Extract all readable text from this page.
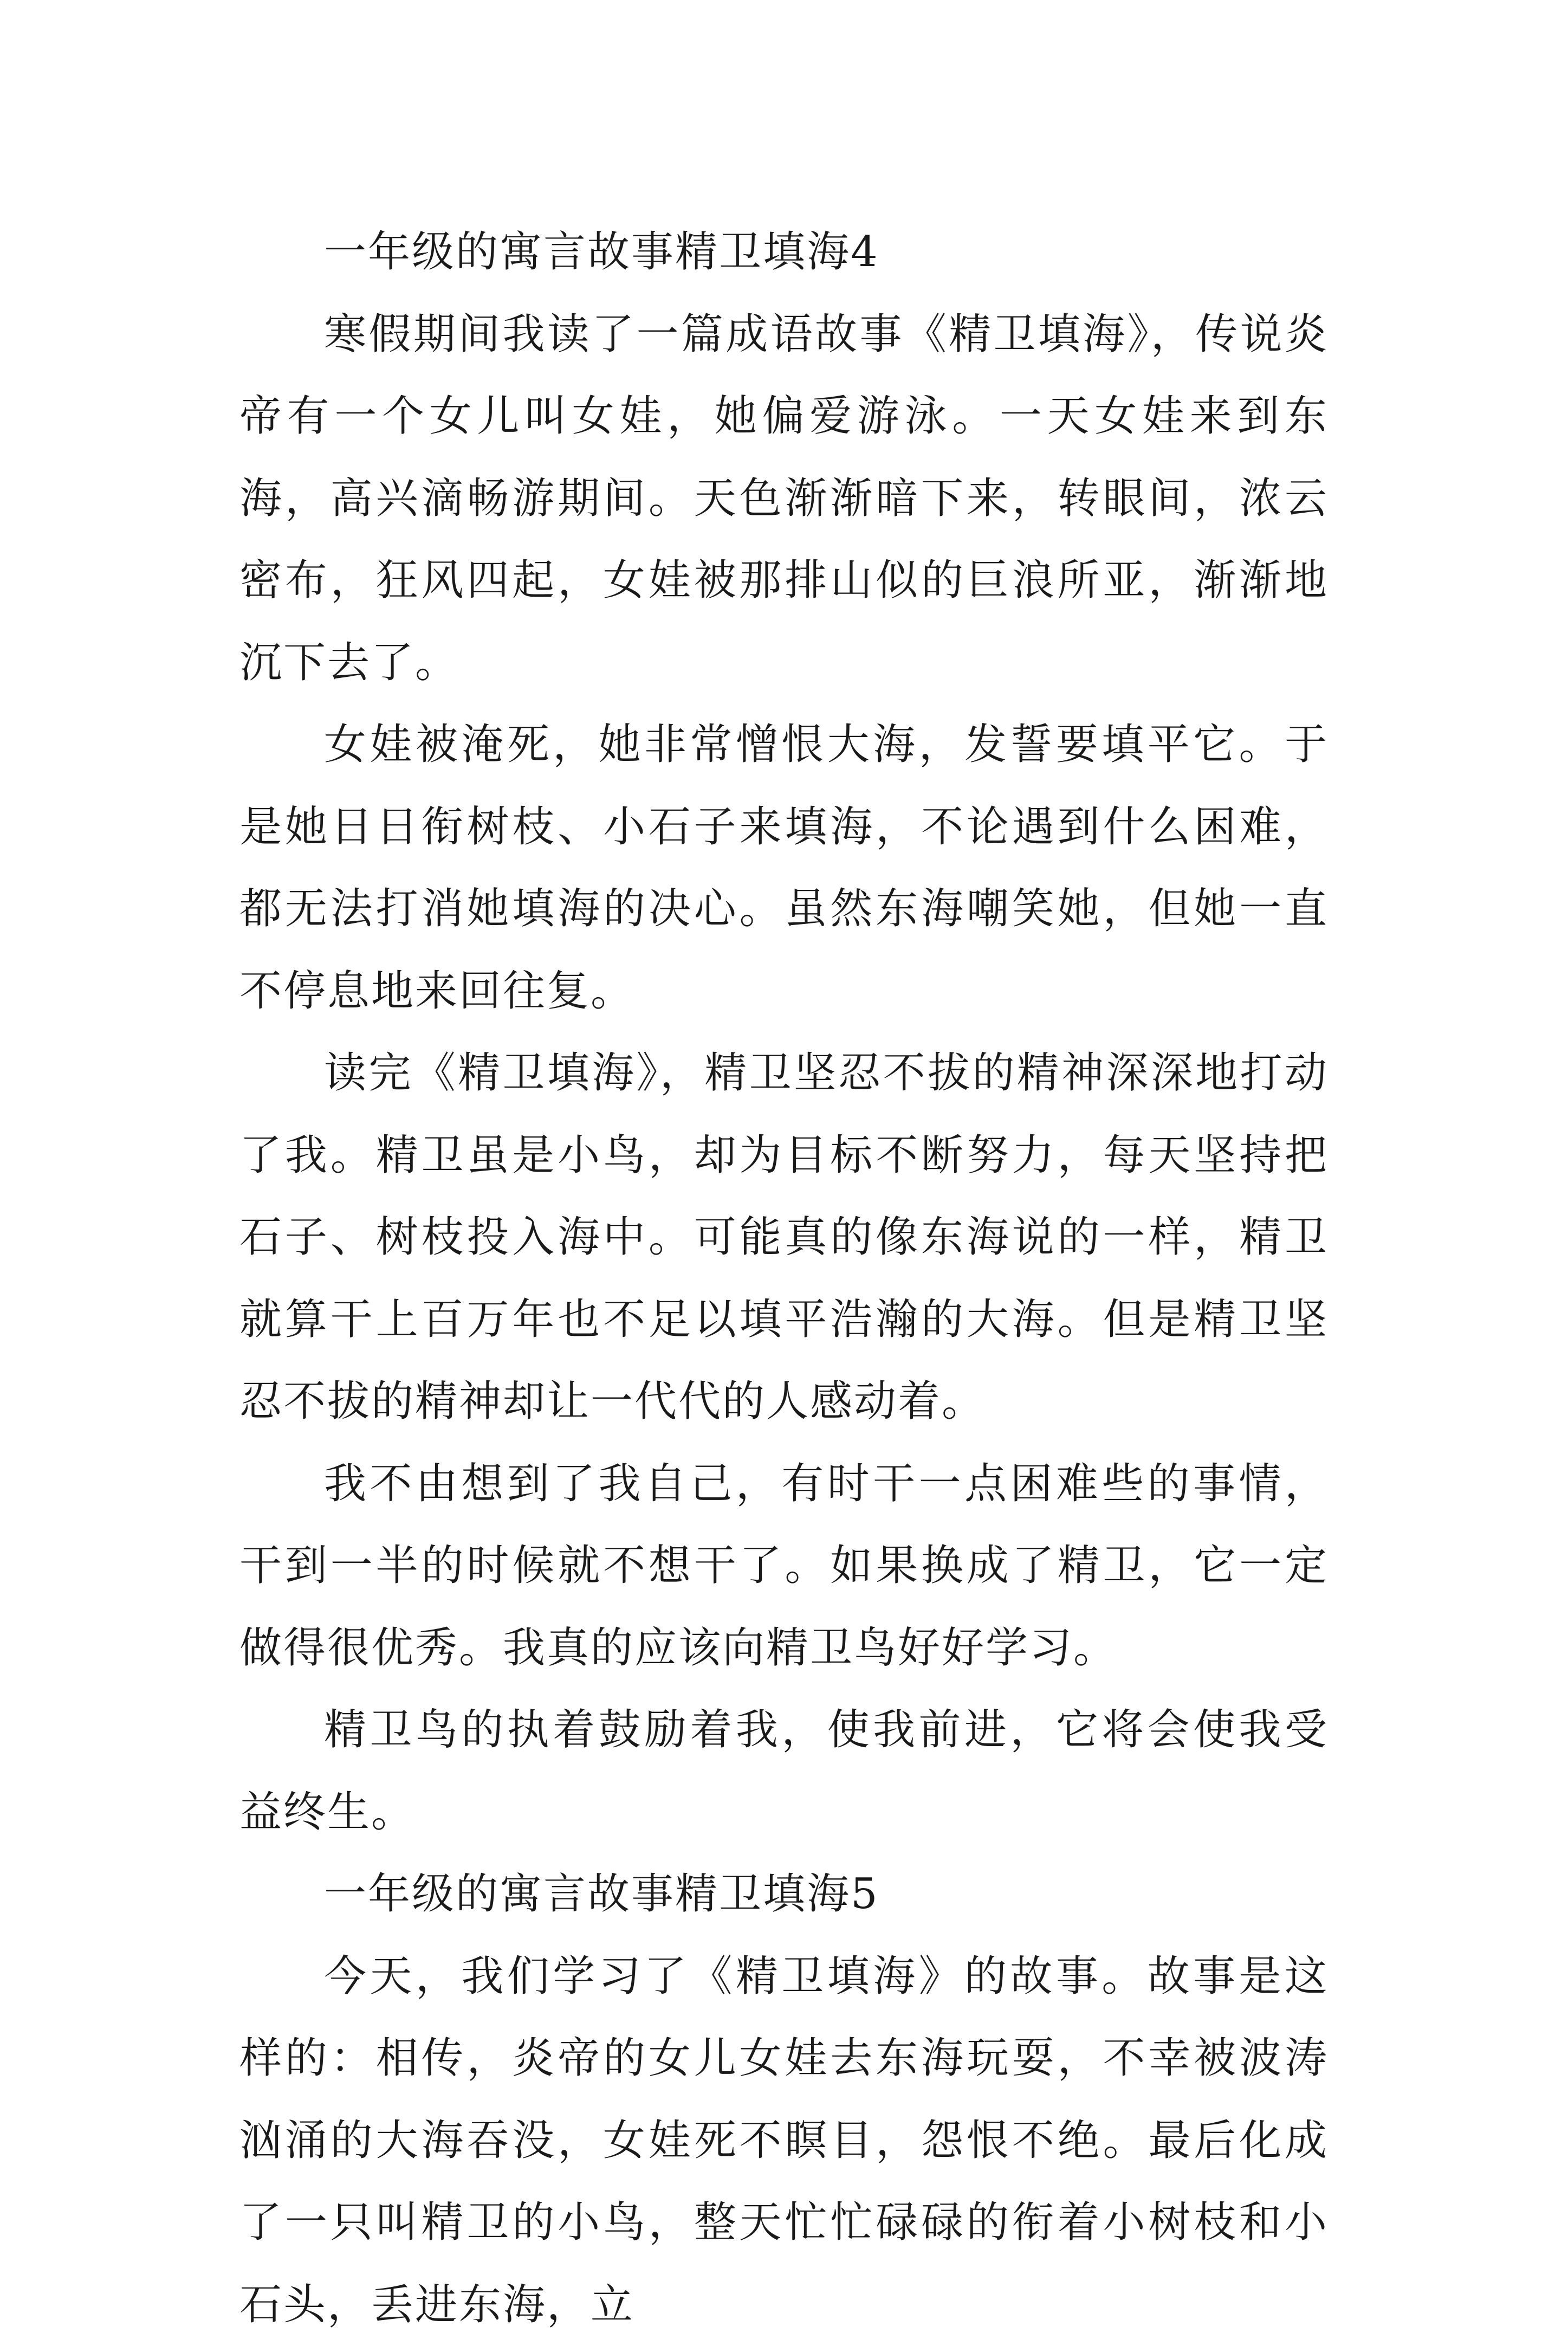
一年级的寓言故事精卫填海4

寒假期间我读了一篇成语故事《精卫填海》，传说炎帝有一个女儿叫女娃，她偏爱游泳。一天女娃来到东海，高兴滴畅游期间。天色渐渐暗下来，转眼间，浓云密布，狂风四起，女娃被那排山似的巨浪所亚，渐渐地沉下去了。

女娃被淹死，她非常憎恨大海，发誓要填平它。于是她日日衔树枝、小石子来填海，不论遇到什么困难，都无法打消她填海的决心。虽然东海嘲笑她，但她一直不停息地来回往复。

读完《精卫填海》，精卫坚忍不拔的精神深深地打动了我。精卫虽是小鸟，却为目标不断努力，每天坚持把石子、树枝投入海中。可能真的像东海说的一样，精卫就算干上百万年也不足以填平浩瀚的大海。但是精卫坚忍不拔的精神却让一代代的人感动着。

我不由想到了我自己，有时干一点困难些的事情，干到一半的时候就不想干了。如果换成了精卫，它一定做得很优秀。我真的应该向精卫鸟好好学习。

精卫鸟的执着鼓励着我，使我前进，它将会使我受益终生。

一年级的寓言故事精卫填海5

今天，我们学习了《精卫填海》的故事。故事是这样的：相传，炎帝的女儿女娃去东海玩耍，不幸被波涛汹涌的大海吞没，女娃死不瞑目，怨恨不绝。最后化成了一只叫精卫的小鸟，整天忙忙碌碌的衔着小树枝和小石头，丢进东海，立
